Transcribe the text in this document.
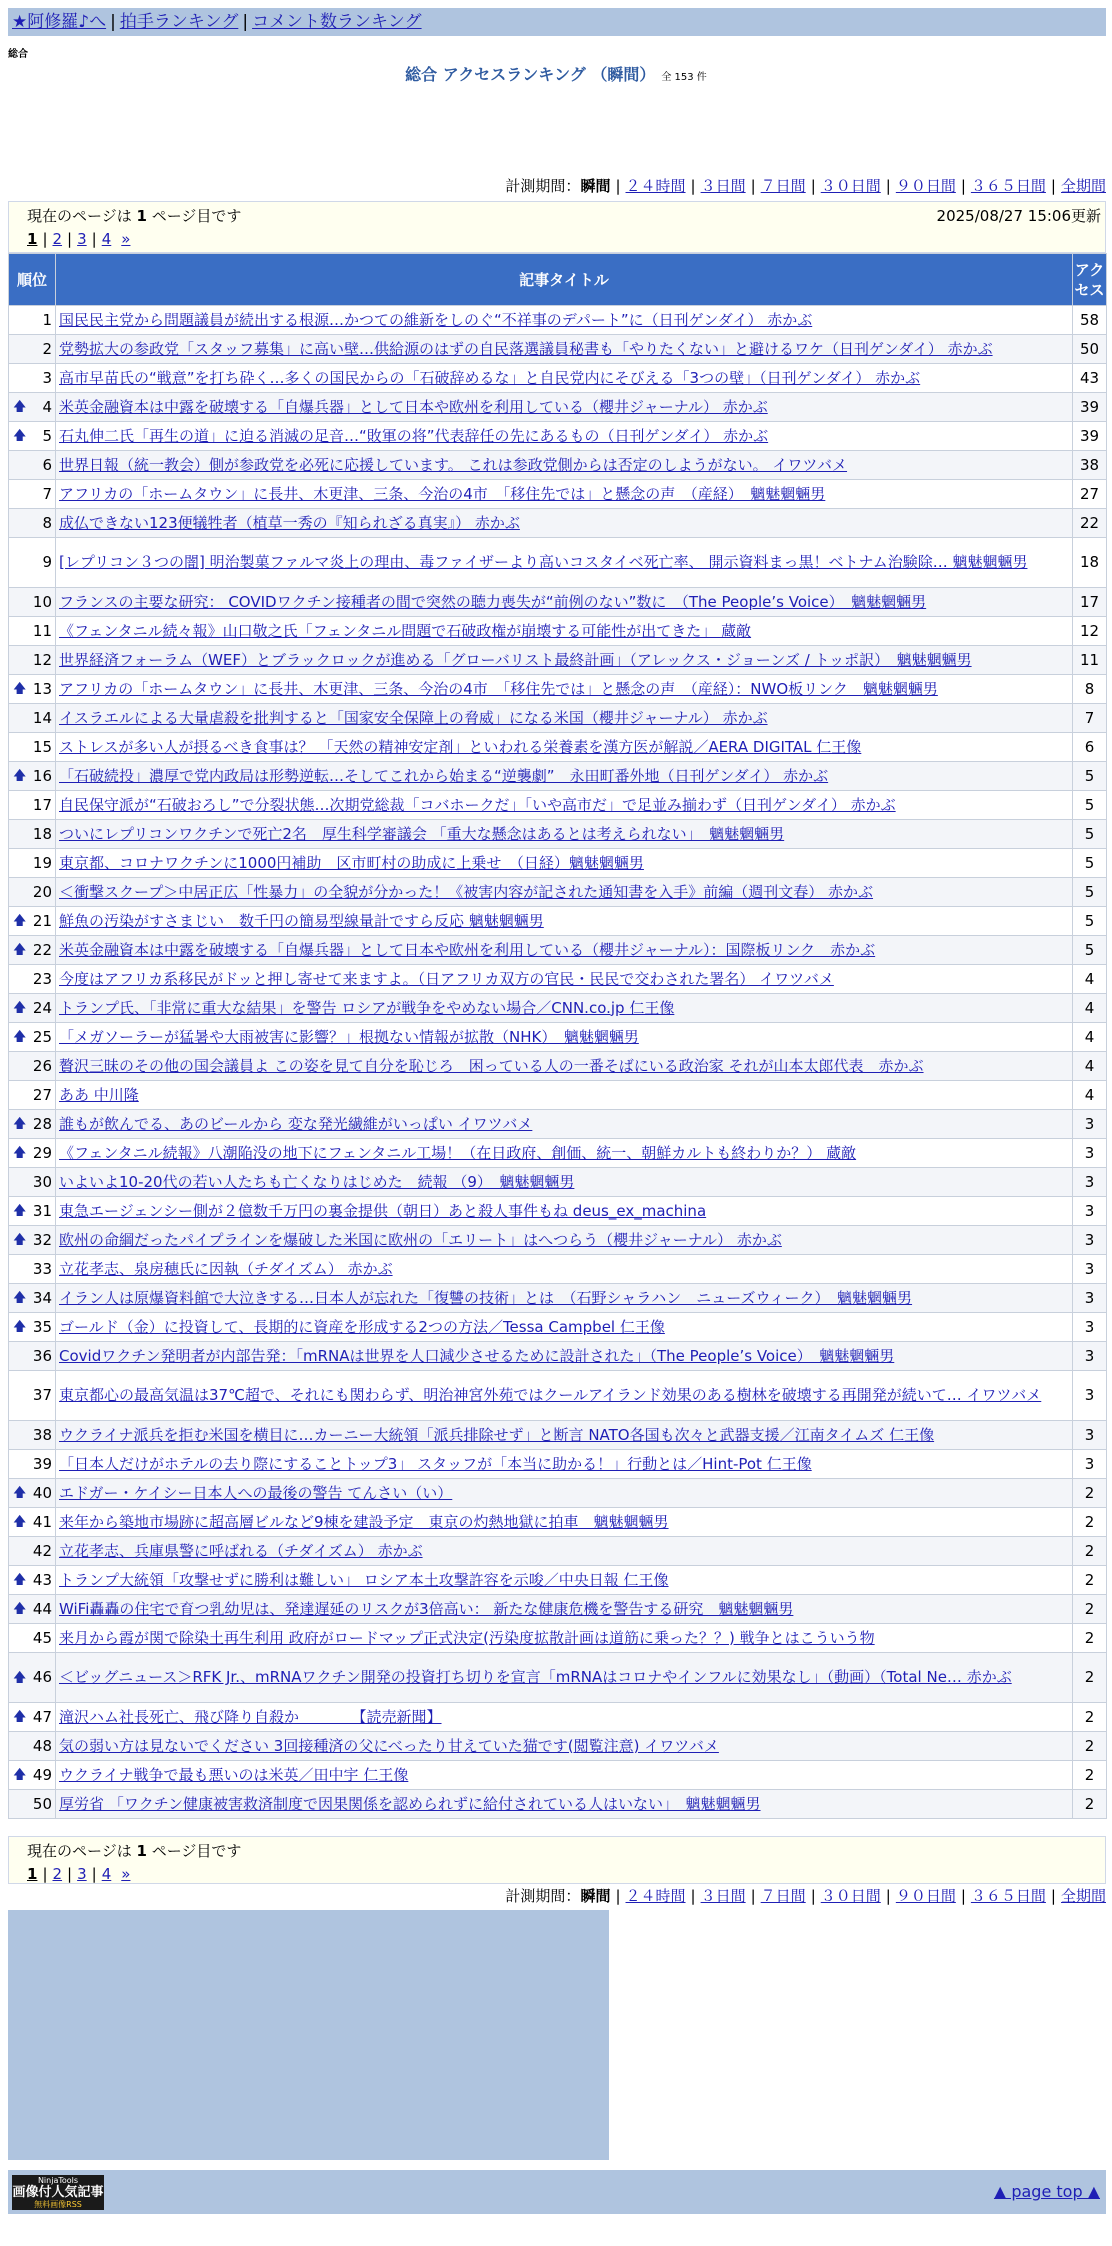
★阿修羅♪へ | 拍手ランキング | コメント数ランキング
総合
総合 アクセスランキング （瞬間） 全 153 件
計測期間：瞬間 | ２４時間 | ３日間 | ７日間 | ３０日間 | ９０日間 | ３６５日間 | 全期間
現在のページは 1 ページ目です	2025/08/27 15:06更新
1 | 2 | 3 | 4 »
順位	記事タイトル	アクセス
1	国民民主党から問題議員が続出する根源…かつての維新をしのぐ“不祥事のデパート”に（日刊ゲンダイ） 赤かぶ	58
2	党勢拡大の参政党「スタッフ募集」に高い壁…供給源のはずの自民落選議員秘書も「やりたくない」と避けるワケ（日刊ゲンダイ） 赤かぶ	50
3	高市早苗氏の“戦意”を打ち砕く…多くの国民からの「石破辞めるな」と自民党内にそびえる「3つの壁」（日刊ゲンダイ） 赤かぶ	43

🡅 4	米英金融資本は中露を破壊する「自爆兵器」として日本や欧州を利用している（櫻井ジャーナル） 赤かぶ	39

🡅 5	石丸伸二氏「再生の道」に迫る消滅の足音…“敗軍の将”代表辞任の先にあるもの（日刊ゲンダイ） 赤かぶ	39
6	世界日報（統一教会）側が参政党を必死に応援しています。 これは参政党側からは否定のしようがない。 イワツバメ	38
7	アフリカの「ホームタウン」に長井、木更津、三条、今治の4市　「移住先では」と懸念の声　（産経）　魑魅魍魎男	27
8	成仏できない123便犠牲者（植草一秀の『知られざる真実』） 赤かぶ	22
9	[レプリコン３つの闇] 明治製菓ファルマ炎上の理由、毒ファイザーより高いコスタイベ死亡率、 開示資料まっ黒！ベトナム治験除… 魑魅魍魎男	18
10	フランスの主要な研究： COVIDワクチン接種者の間で突然の聴力喪失が“前例のない”数に　（The People’s Voice）　魑魅魍魎男	17
11	《フェンタニル続々報》山口敬之氏「フェンタニル問題で石破政権が崩壊する可能性が出てきた」 蔵敵	12
12	世界経済フォーラム（WEF）とブラックロックが進める「グローバリスト最終計画」（アレックス・ジョーンズ / トッポ訳）　魑魅魍魎男	11

🡅 13	アフリカの「ホームタウン」に長井、木更津、三条、今治の4市　「移住先では」と懸念の声　（産経）：NWO板リンク　魑魅魍魎男	8
14	イスラエルによる大量虐殺を批判すると「国家安全保障上の脅威」になる米国（櫻井ジャーナル） 赤かぶ	7
15	ストレスが多い人が摂るべき食事は？ 「天然の精神安定剤」といわれる栄養素を漢方医が解説／AERA DIGITAL 仁王像	6

🡅 16	「石破続投」濃厚で党内政局は形勢逆転…そしてこれから始まる“逆襲劇”　永田町番外地（日刊ゲンダイ） 赤かぶ	5
17	自民保守派が“石破おろし”で分裂状態…次期党総裁「コバホークだ」「いや高市だ」で足並み揃わず（日刊ゲンダイ） 赤かぶ	5
18	ついにレプリコンワクチンで死亡2名　厚生科学審議会 「重大な懸念はあるとは考えられない」　魑魅魍魎男	5
19	東京都、コロナワクチンに1000円補助　区市町村の助成に上乗せ　（日経）魑魅魍魎男	5
20	＜衝撃スクープ＞中居正広「性暴力」の全貌が分かった！《被害内容が記された通知書を入手》前編（週刊文春） 赤かぶ	5

🡅 21	鮮魚の汚染がすさまじい　数千円の簡易型線量計ですら反応 魑魅魍魎男	5

🡅 22	米英金融資本は中露を破壊する「自爆兵器」として日本や欧州を利用している（櫻井ジャーナル）：国際板リンク　赤かぶ	5
23	今度はアフリカ系移民がドッと押し寄せて来ますよ。（日アフリカ双方の官民・民民で交わされた署名） イワツバメ	4

🡅 24	トランプ氏、「非常に重大な結果」を警告 ロシアが戦争をやめない場合／CNN.co.jp 仁王像	4

🡅 25	「メガソーラーが猛暑や大雨被害に影響？」根拠ない情報が拡散（NHK）　魑魅魍魎男	4
26	贅沢三昧のその他の国会議員よ この姿を見て自分を恥じろ　困っている人の一番そばにいる政治家 それが山本太郎代表　赤かぶ	4
27	ああ 中川隆	4

🡅 28	誰もが飲んでる、あのビールから 変な発光繊維がいっぱい イワツバメ	3

🡅 29	《フェンタニル続報》八潮陥没の地下にフェンタニル工場！（在日政府、創価、統一、朝鮮カルトも終わりか？） 蔵敵	3
30	いよいよ10-20代の若い人たちも亡くなりはじめた　続報 （9）　魑魅魍魎男	3

🡅 31	東急エージェンシー側が２億数千万円の裏金提供（朝日）あと殺人事件もね deus_ex_machina	3

🡅 32	欧州の命綱だったパイプラインを爆破した米国に欧州の「エリート」はへつらう（櫻井ジャーナル） 赤かぶ	3
33	立花孝志、泉房穂氏に因執（チダイズム） 赤かぶ	3

🡅 34	イラン人は原爆資料館で大泣きする…日本人が忘れた「復讐の技術」とは　（石野シャラハン　ニューズウィーク）　魑魅魍魎男	3

🡅 35	ゴールド（金）に投資して、長期的に資産を形成する2つの方法／Tessa Campbel 仁王像	3
36	Covidワクチン発明者が内部告発：「mRNAは世界を人口減少させるために設計された」（The People’s Voice）　魑魅魍魎男	3
37	東京都心の最高気温は37℃超で、それにも関わらず、明治神宮外苑ではクールアイランド効果のある樹林を破壊する再開発が続いて… イワツバメ	3
38	ウクライナ派兵を拒む米国を横目に…カーニー大統領「派兵排除せず」と断言 NATO各国も次々と武器支援／江南タイムズ 仁王像	3
39	「日本人だけがホテルの去り際にすることトップ3」 スタッフが「本当に助かる！」行動とは／Hint-Pot 仁王像	3

🡅 40	エドガー・ケイシー日本人への最後の警告 てんさい（い）	2

🡅 41	来年から築地市場跡に超高層ビルなど9棟を建設予定　東京の灼熱地獄に拍車　魑魅魍魎男	2
42	立花孝志、兵庫県警に呼ばれる（チダイズム） 赤かぶ	2

🡅 43	トランプ大統領「攻撃せずに勝利は難しい」 ロシア本土攻撃許容を示唆／中央日報 仁王像	2

🡅 44	WiFi轟轟の住宅で育つ乳幼児は、発達遅延のリスクが3倍高い： 新たな健康危機を警告する研究　魑魅魍魎男	2
45	来月から霞が関で除染土再生利用 政府がロードマップ正式決定(汚染度拡散計画は道筋に乗った？？) 戦争とはこういう物	2

🡅 46	＜ビッグニュース＞RFK Jr.、mRNAワクチン開発の投資打ち切りを宣言「mRNAはコロナやインフルに効果なし」（動画）（Total Ne… 赤かぶ	2

🡅 47	滝沢ハム社長死亡、飛び降り自殺か　　　　【読売新聞】	2
48	気の弱い方は見ないでください 3回接種済の父にべったり甘えていた猫です(閲覧注意) イワツバメ	2

🡅 49	ウクライナ戦争で最も悪いのは米英／田中宇 仁王像	2
50	厚労省 「ワクチン健康被害救済制度で因果関係を認められずに給付されている人はいない」　魑魅魍魎男	2
現在のページは 1 ページ目です
1 | 2 | 3 | 4 »
計測期間：瞬間 | ２４時間 | ３日間 | ７日間 | ３０日間 | ９０日間 | ３６５日間 | 全期間
NinjaTools
画像付人気記事
無料画像RSS
▲ page top ▲
